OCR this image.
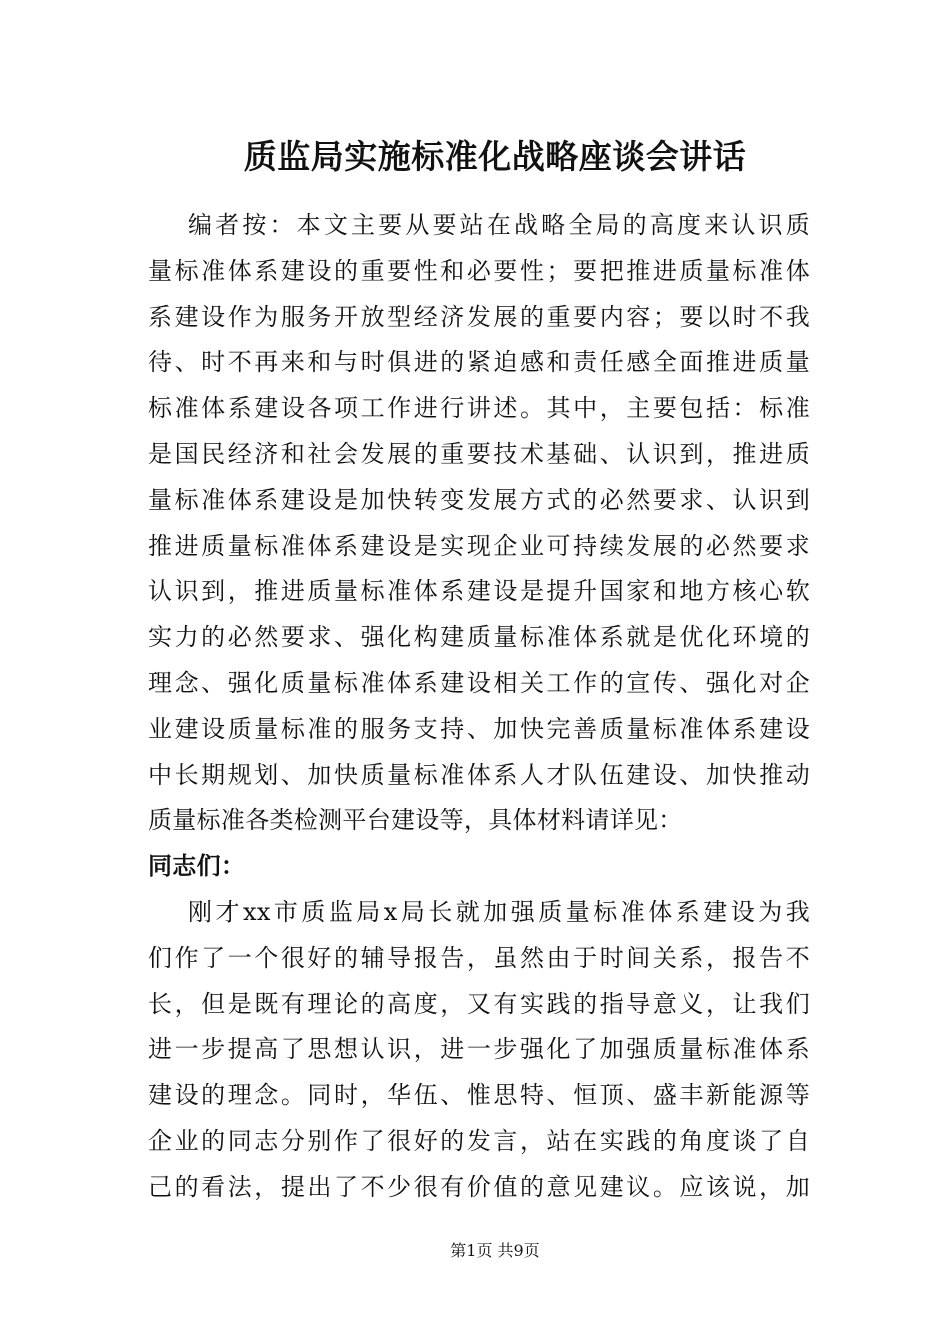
质监局实施标准化战略座谈会讲话
编者按：本文主要从要站在战略全局的高度来认识质
量标准体系建设的重要性和必要性；要把推进质量标准体
系建设作为服务开放型经济发展的重要内容；要以时不我
待、时不再来和与时俱进的紧迫感和责任感全面推进质量
标准体系建设各项工作进行讲述。其中，主要包括：标准
是国民经济和社会发展的重要技术基础、认识到，推进质
量标准体系建设是加快转变发展方式的必然要求、认识到
推进质量标准体系建设是实现企业可持续发展的必然要求
认识到，推进质量标准体系建设是提升国家和地方核心软
实力的必然要求、强化构建质量标准体系就是优化环境的
理念、强化质量标准体系建设相关工作的宣传、强化对企
业建设质量标准的服务支持、加快完善质量标准体系建设
中长期规划、加快质量标准体系人才队伍建设、加快推动
质量标准各类检测平台建设等，具体材料请详见：
同志们：
刚才xx市质监局x局长就加强质量标准体系建设为我
们作了一个很好的辅导报告，虽然由于时间关系，报告不
长，但是既有理论的高度，又有实践的指导意义，让我们
进一步提高了思想认识，进一步强化了加强质量标准体系
建设的理念。同时，华伍、惟思特、恒顶、盛丰新能源等
企业的同志分别作了很好的发言，站在实践的角度谈了自
己的看法，提出了不少很有价值的意见建议。应该说，加
第1页 共9页
